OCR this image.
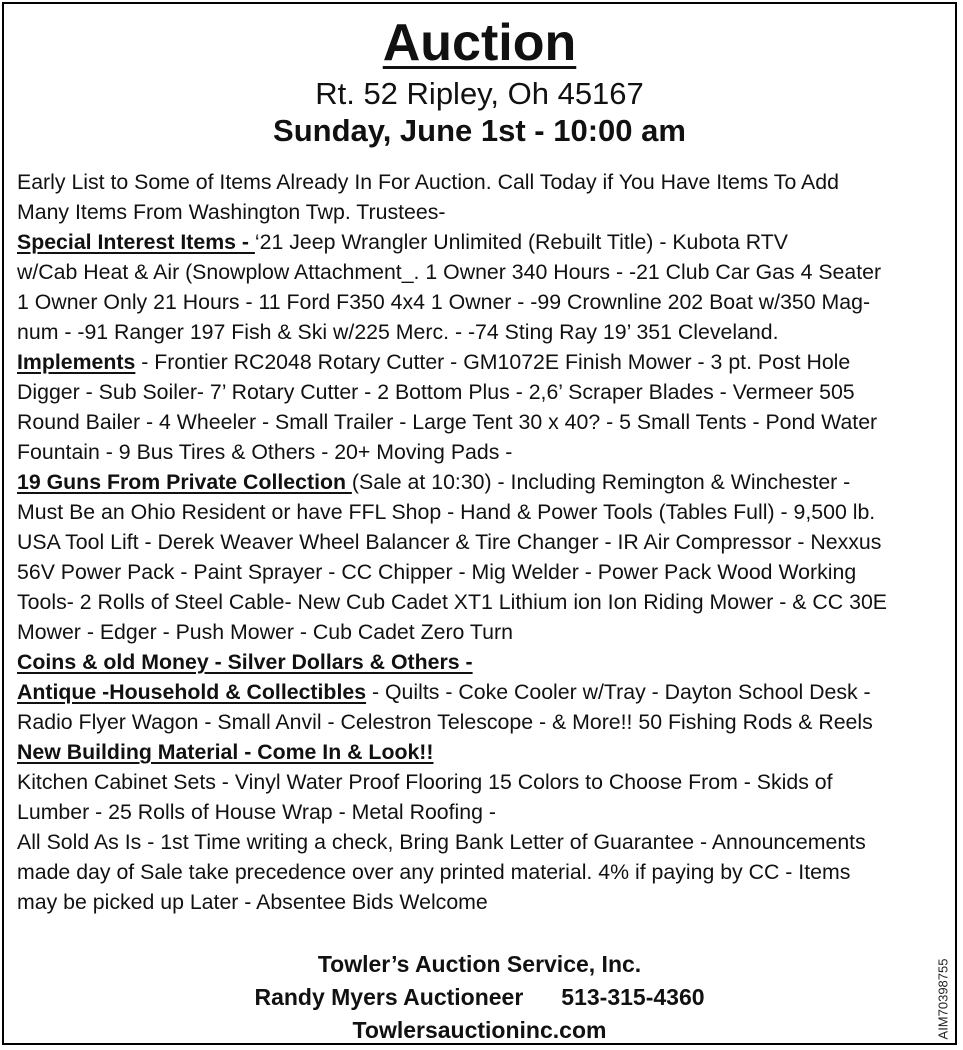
Auction
Rt. 52 Ripley, Oh 45167
Sunday, June 1st - 10:00 am
Early List to Some of Items Already In For Auction. Call Today if You Have Items To Add
Many Items From Washington Twp. Trustees-
Special Interest Items - ‘21 Jeep Wrangler Unlimited (Rebuilt Title) - Kubota RTV
w/Cab Heat & Air (Snowplow Attachment_. 1 Owner 340 Hours - -21 Club Car Gas 4 Seater
1 Owner Only 21 Hours - 11 Ford F350 4x4 1 Owner - -99 Crownline 202 Boat w/350 Mag-
num - -91 Ranger 197 Fish & Ski w/225 Merc. - -74 Sting Ray 19’ 351 Cleveland.
Implements - Frontier RC2048 Rotary Cutter - GM1072E Finish Mower - 3 pt. Post Hole
Digger - Sub Soiler- 7’ Rotary Cutter - 2 Bottom Plus - 2,6’ Scraper Blades - Vermeer 505
Round Bailer - 4 Wheeler - Small Trailer - Large Tent 30 x 40? - 5 Small Tents - Pond Water
Fountain - 9 Bus Tires & Others - 20+ Moving Pads -
19 Guns From Private Collection (Sale at 10:30) - Including Remington & Winchester -
Must Be an Ohio Resident or have FFL Shop - Hand & Power Tools (Tables Full) - 9,500 lb.
USA Tool Lift - Derek Weaver Wheel Balancer & Tire Changer - IR Air Compressor - Nexxus
56V Power Pack - Paint Sprayer - CC Chipper - Mig Welder - Power Pack Wood Working
Tools- 2 Rolls of Steel Cable- New Cub Cadet XT1 Lithium ion Ion Riding Mower - & CC 30E
Mower - Edger - Push Mower - Cub Cadet Zero Turn
Coins & old Money - Silver Dollars & Others -
Antique -Household & Collectibles - Quilts - Coke Cooler w/Tray - Dayton School Desk -
Radio Flyer Wagon - Small Anvil - Celestron Telescope - & More!! 50 Fishing Rods & Reels
New Building Material - Come In & Look!!
Kitchen Cabinet Sets - Vinyl Water Proof Flooring 15 Colors to Choose From - Skids of
Lumber - 25 Rolls of House Wrap - Metal Roofing -
All Sold As Is - 1st Time writing a check, Bring Bank Letter of Guarantee - Announcements
made day of Sale take precedence over any printed material. 4% if paying by CC - Items
may be picked up Later - Absentee Bids Welcome
Towler’s Auction Service, Inc.
Randy Myers Auctioneer 513-315-4360
Towlersauctioninc.com	AIM70398755
